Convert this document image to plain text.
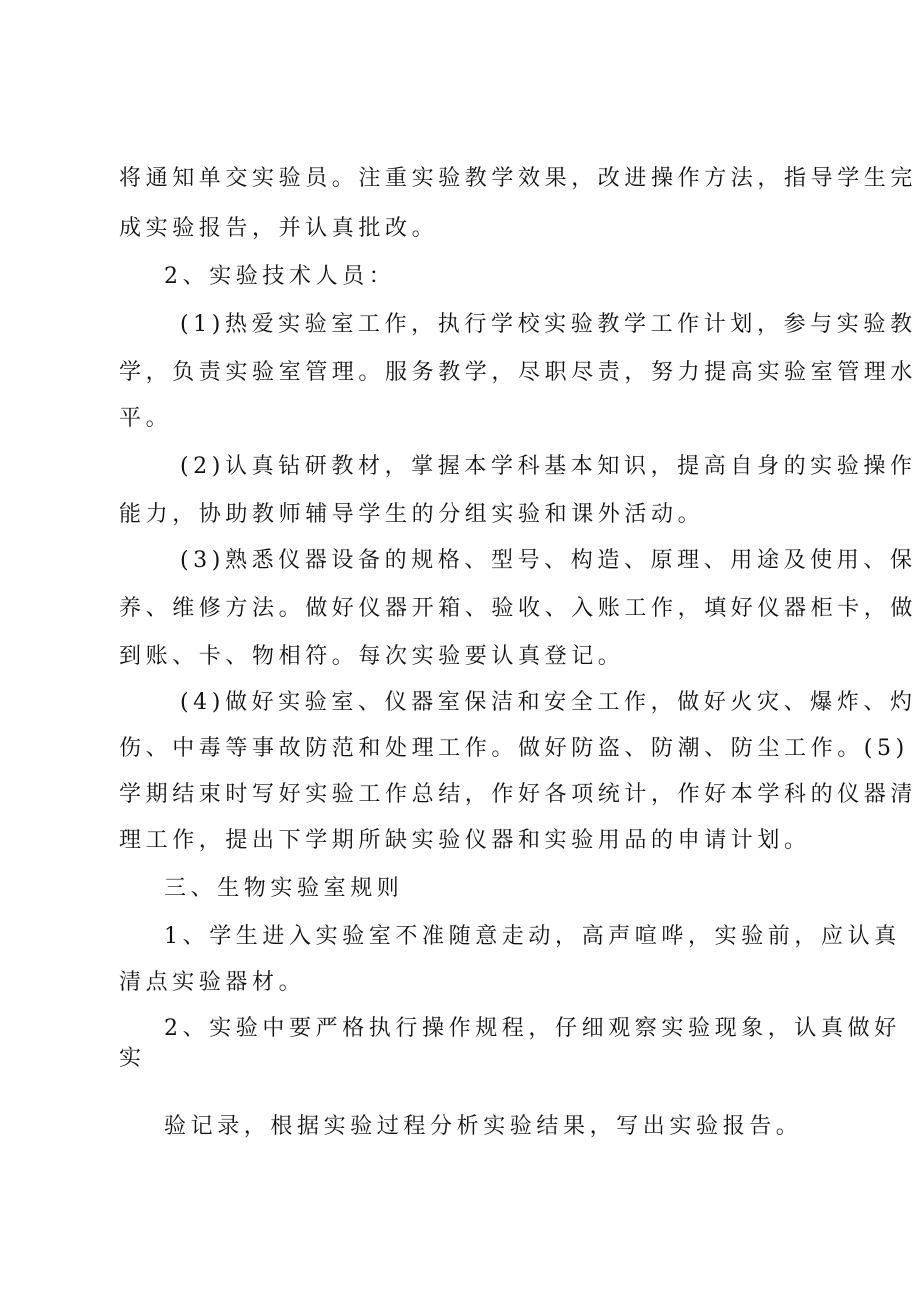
将通知单交实验员。注重实验教学效果，改进操作方法，指导学生完
成实验报告，并认真批改。
2、实验技术人员：
(1)热爱实验室工作，执行学校实验教学工作计划，参与实验教
学，负责实验室管理。服务教学，尽职尽责，努力提高实验室管理水
平。
(2)认真钻研教材，掌握本学科基本知识，提高自身的实验操作
能力，协助教师辅导学生的分组实验和课外活动。
(3)熟悉仪器设备的规格、型号、构造、原理、用途及使用、保
养、维修方法。做好仪器开箱、验收、入账工作，填好仪器柜卡，做
到账、卡、物相符。每次实验要认真登记。
(4)做好实验室、仪器室保洁和安全工作，做好火灾、爆炸、灼
伤、中毒等事故防范和处理工作。做好防盗、防潮、防尘工作。(5)
学期结束时写好实验工作总结，作好各项统计，作好本学科的仪器清
理工作，提出下学期所缺实验仪器和实验用品的申请计划。
三、生物实验室规则
1、学生进入实验室不准随意走动，高声喧哗，实验前，应认真
清点实验器材。
2、实验中要严格执行操作规程，仔细观察实验现象，认真做好
实
验记录，根据实验过程分析实验结果，写出实验报告。
